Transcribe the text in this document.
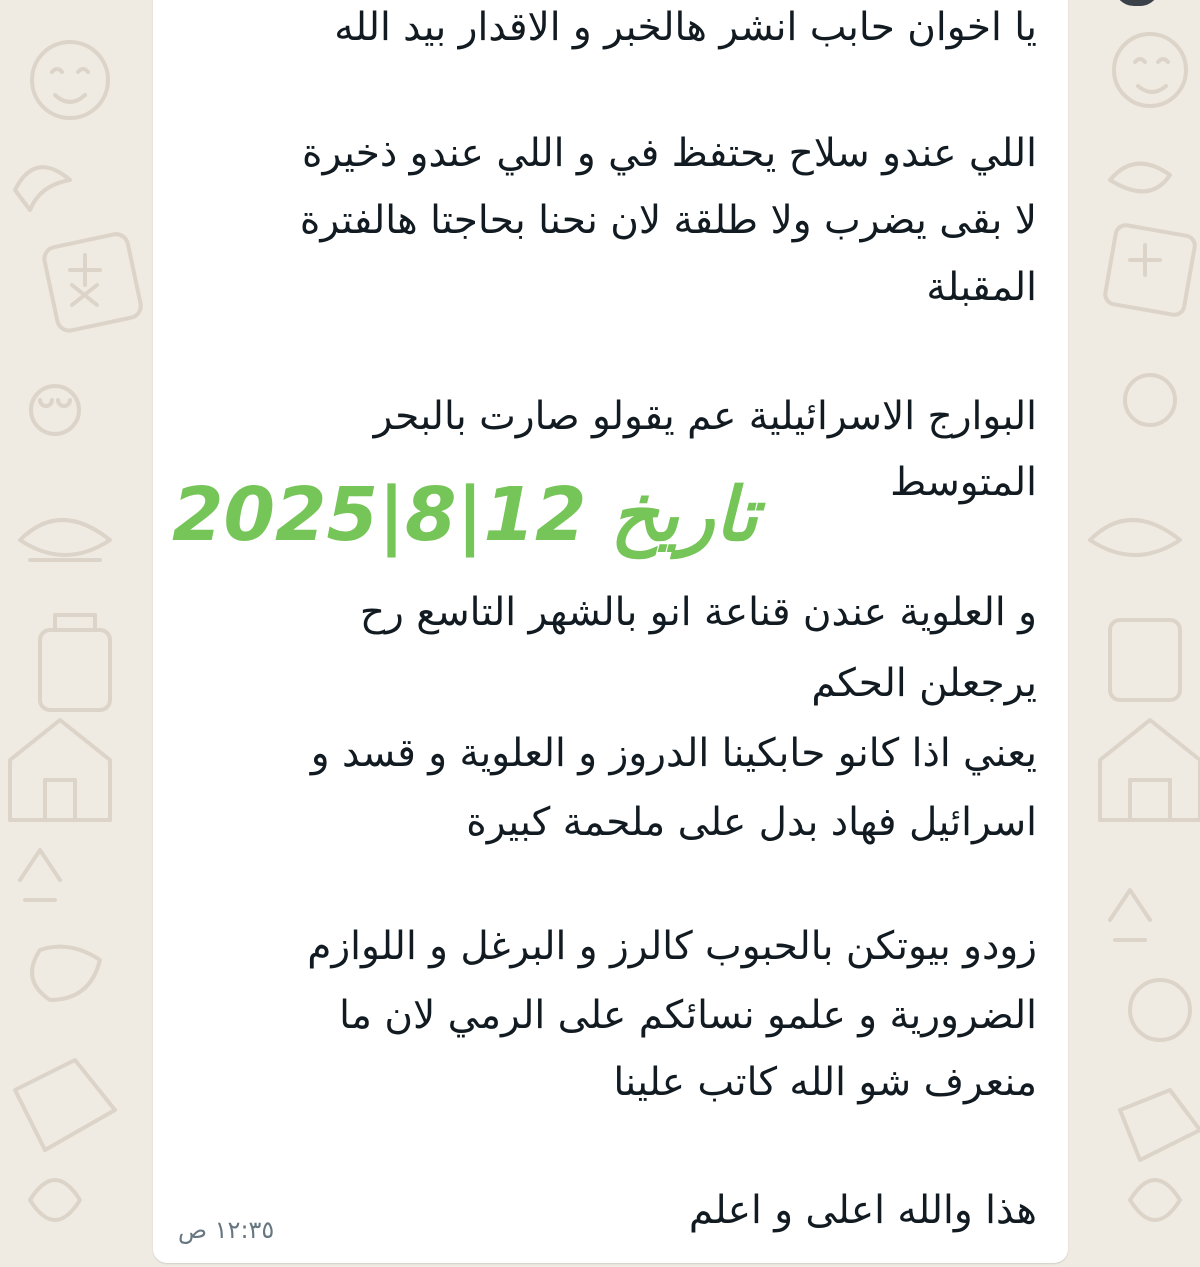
يا اخوان حابب انشر هالخبر و الاقدار بيد الله

اللي عندو سلاح يحتفظ في و اللي عندو ذخيرة

لا بقى يضرب ولا طلقة لان نحنا بحاجتا هالفترة

المقبلة

البوارج الاسرائيلية عم يقولو صارت بالبحر

المتوسط

و العلوية عندن قناعة انو بالشهر التاسع رح

يرجعلن الحكم

يعني اذا كانو حابكينا الدروز و العلوية و قسد و

اسرائيل فهاد بدل على ملحمة كبيرة

زودو بيوتكن بالحبوب كالرز و البرغل و اللوازم

الضرورية و علمو نسائكم على الرمي لان ما

منعرف شو الله كاتب علينا

هذا والله اعلى و اعلم

2025|8|12 تاريخ
١٢:٣٥ ص
